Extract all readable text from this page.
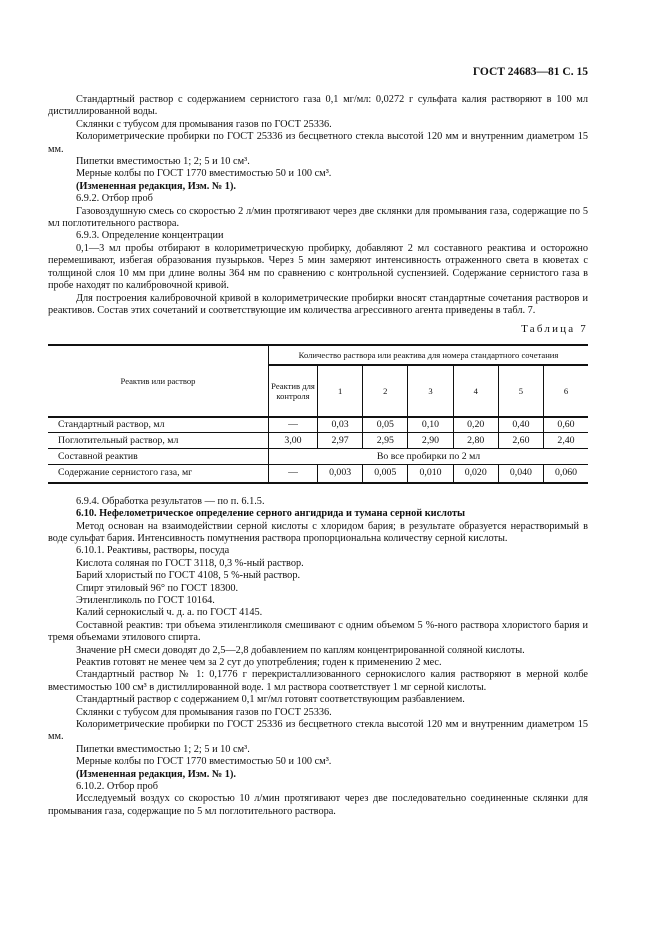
ГОСТ 24683—81 С. 15

Стандартный раствор с содержанием сернистого газа 0,1 мг/мл: 0,0272 г сульфата калия растворяют в 100 мл дистиллированной воды.

Склянки с тубусом для промывания газов по ГОСТ 25336.

Колориметрические пробирки по ГОСТ 25336 из бесцветного стекла высотой 120 мм и внутренним диаметром 15 мм.

Пипетки вместимостью 1; 2; 5 и 10 см³.

Мерные колбы по ГОСТ 1770 вместимостью 50 и 100 см³.

(Измененная редакция, Изм. № 1).

6.9.2. Отбор проб

Газовоздушную смесь со скоростью 2 л/мин протягивают через две склянки для промывания газа, содержащие по 5 мл поглотительного раствора.

6.9.3. Определение концентрации

0,1—3 мл пробы отбирают в колориметрическую пробирку, добавляют 2 мл составного реактива и осторожно перемешивают, избегая образования пузырьков. Через 5 мин замеряют интенсивность отраженного света в кюветах с толщиной слоя 10 мм при длине волны 364 нм по сравнению с контрольной суспензией. Содержание сернистого газа в пробе находят по калибровочной кривой.

Для построения калибровочной кривой в колориметрические пробирки вносят стандартные сочетания растворов и реактивов. Состав этих сочетаний и соответствующие им количества агрессивного агента приведены в табл. 7.

Таблица 7
Реактив или раствор	Количество раствора или реактива для номера стандартного сочетания						
	Реактив для контроля	1	2	3	4	5	6
Стандартный раствор, мл	—	0,03	0,05	0,10	0,20	0,40	0,60
Поглотительный раствор, мл	3,00	2,97	2,95	2,90	2,80	2,60	2,40
Составной реактив	Во все пробирки по 2 мл						
Содержание сернистого газа, мг	—	0,003	0,005	0,010	0,020	0,040	0,060

6.9.4. Обработка результатов — по п. 6.1.5.

6.10. Нефелометрическое определение серного ангидрида и тумана серной кислоты

Метод основан на взаимодействии серной кислоты с хлоридом бария; в результате образуется нерастворимый в воде сульфат бария. Интенсивность помутнения раствора пропорциональна количеству серной кислоты.

6.10.1. Реактивы, растворы, посуда

Кислота соляная по ГОСТ 3118, 0,3 %-ный раствор.

Барий хлористый по ГОСТ 4108, 5 %-ный раствор.

Спирт этиловый 96° по ГОСТ 18300.

Этиленгликоль по ГОСТ 10164.

Калий сернокислый ч. д. а. по ГОСТ 4145.

Составной реактив: три объема этиленгликоля смешивают с одним объемом 5 %-ного раствора хлористого бария и тремя объемами этилового спирта.

Значение pH смеси доводят до 2,5—2,8 добавлением по каплям концентрированной соляной кислоты.

Реактив готовят не менее чем за 2 сут до употребления; годен к применению 2 мес.

Стандартный раствор № 1: 0,1776 г перекристаллизованного сернокислого калия растворяют в мерной колбе вместимостью 100 см³ в дистиллированной воде. 1 мл раствора соответствует 1 мг серной кислоты.

Стандартный раствор с содержанием 0,1 мг/мл готовят соответствующим разбавлением.

Склянки с тубусом для промывания газов по ГОСТ 25336.

Колориметрические пробирки по ГОСТ 25336 из бесцветного стекла высотой 120 мм и внутренним диаметром 15 мм.

Пипетки вместимостью 1; 2; 5 и 10 см³.

Мерные колбы по ГОСТ 1770 вместимостью 50 и 100 см³.

(Измененная редакция, Изм. № 1).

6.10.2. Отбор проб

Исследуемый воздух со скоростью 10 л/мин протягивают через две последовательно соединенные склянки для промывания газа, содержащие по 5 мл поглотительного раствора.
